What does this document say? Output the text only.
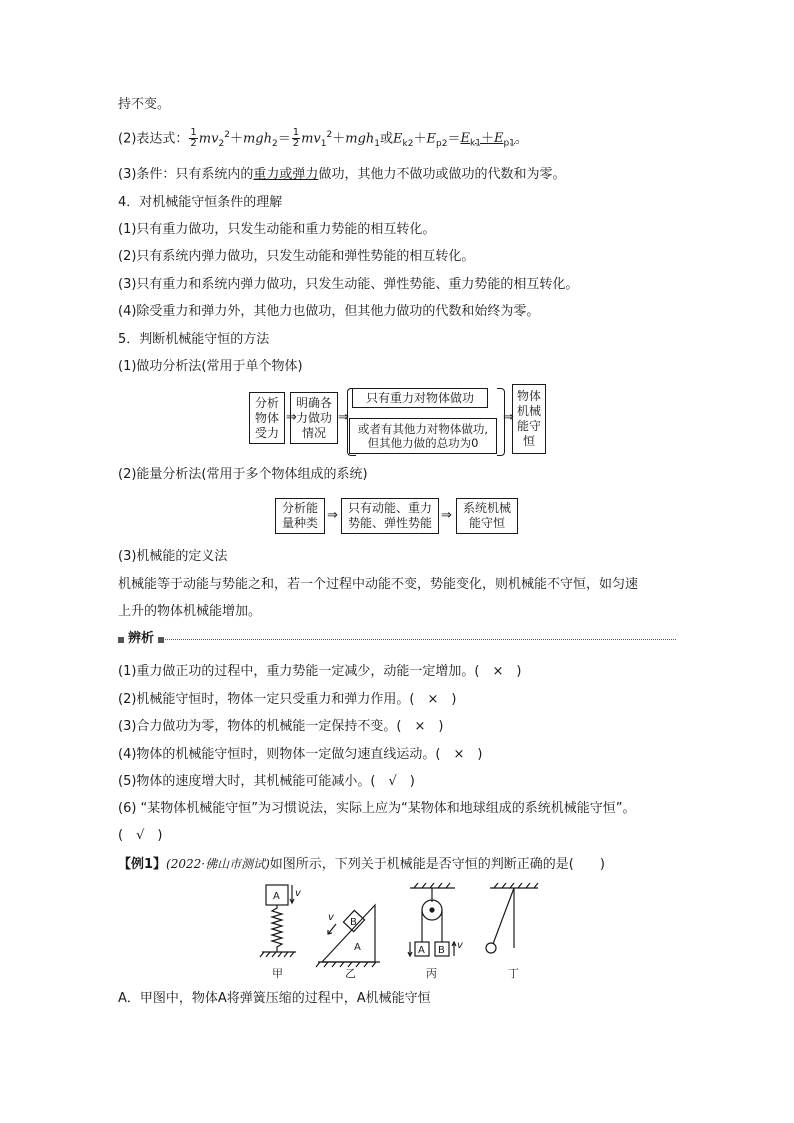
持不变。
(2)表达式： $\frac{1}{2} mv_2^2+mgh_2= \frac{1}{2} mv_1^2+mgh_1$或$E_{k2}+E_{p2}=E_{k1}+E_{p1}$。
(3)条件：只有系统内的重力或弹力做功，其他力不做功或做功的代数和为零。
4．对机械能守恒条件的理解
(1)只有重力做功，只发生动能和重力势能的相互转化。
(2)只有系统内弹力做功，只发生动能和弹性势能的相互转化。
(3)只有重力和系统内弹力做功，只发生动能、弹性势能、重力势能的相互转化。
(4)除受重力和弹力外，其他力也做功，但其他力做功的代数和始终为零。
5．判断机械能守恒的方法
(1)做功分析法(常用于单个物体)
分析
物体
受力
⇒
明确各
力做功
情况
⇒
只有重力对物体做功
或者有其他力对物体做功,
但其他力做的总功为0
⇒
物体
机械
能守
恒
(2)能量分析法(常用于多个物体组成的系统)
分析能
量种类 ⇒ 只有动能、重力
势能、弹性势能 ⇒ 系统机械
能守恒
(3)机械能的定义法
机械能等于动能与势能之和，若一个过程中动能不变，势能变化，则机械能不守恒，如匀速
上升的物体机械能增加。
辨析
(1)重力做正功的过程中，重力势能一定减少，动能一定增加。(　×　)
(2)机械能守恒时，物体一定只受重力和弹力作用。(　×　)
(3)合力做功为零，物体的机械能一定保持不变。(　×　)
(4)物体的机械能守恒时，则物体一定做匀速直线运动。(　×　)
(5)物体的速度增大时，其机械能可能减小。(　√　)
(6) “某物体机械能守恒”为习惯说法，实际上应为“某物体和地球组成的系统机械能守恒”。
(　√　)
【例1】(2022·佛山市测试)如图所示，下列关于机械能是否守恒的判断正确的是(　　)
A v
B
A
v
A B v
甲	乙	丙	丁
A．甲图中，物体A将弹簧压缩的过程中，A机械能守恒
